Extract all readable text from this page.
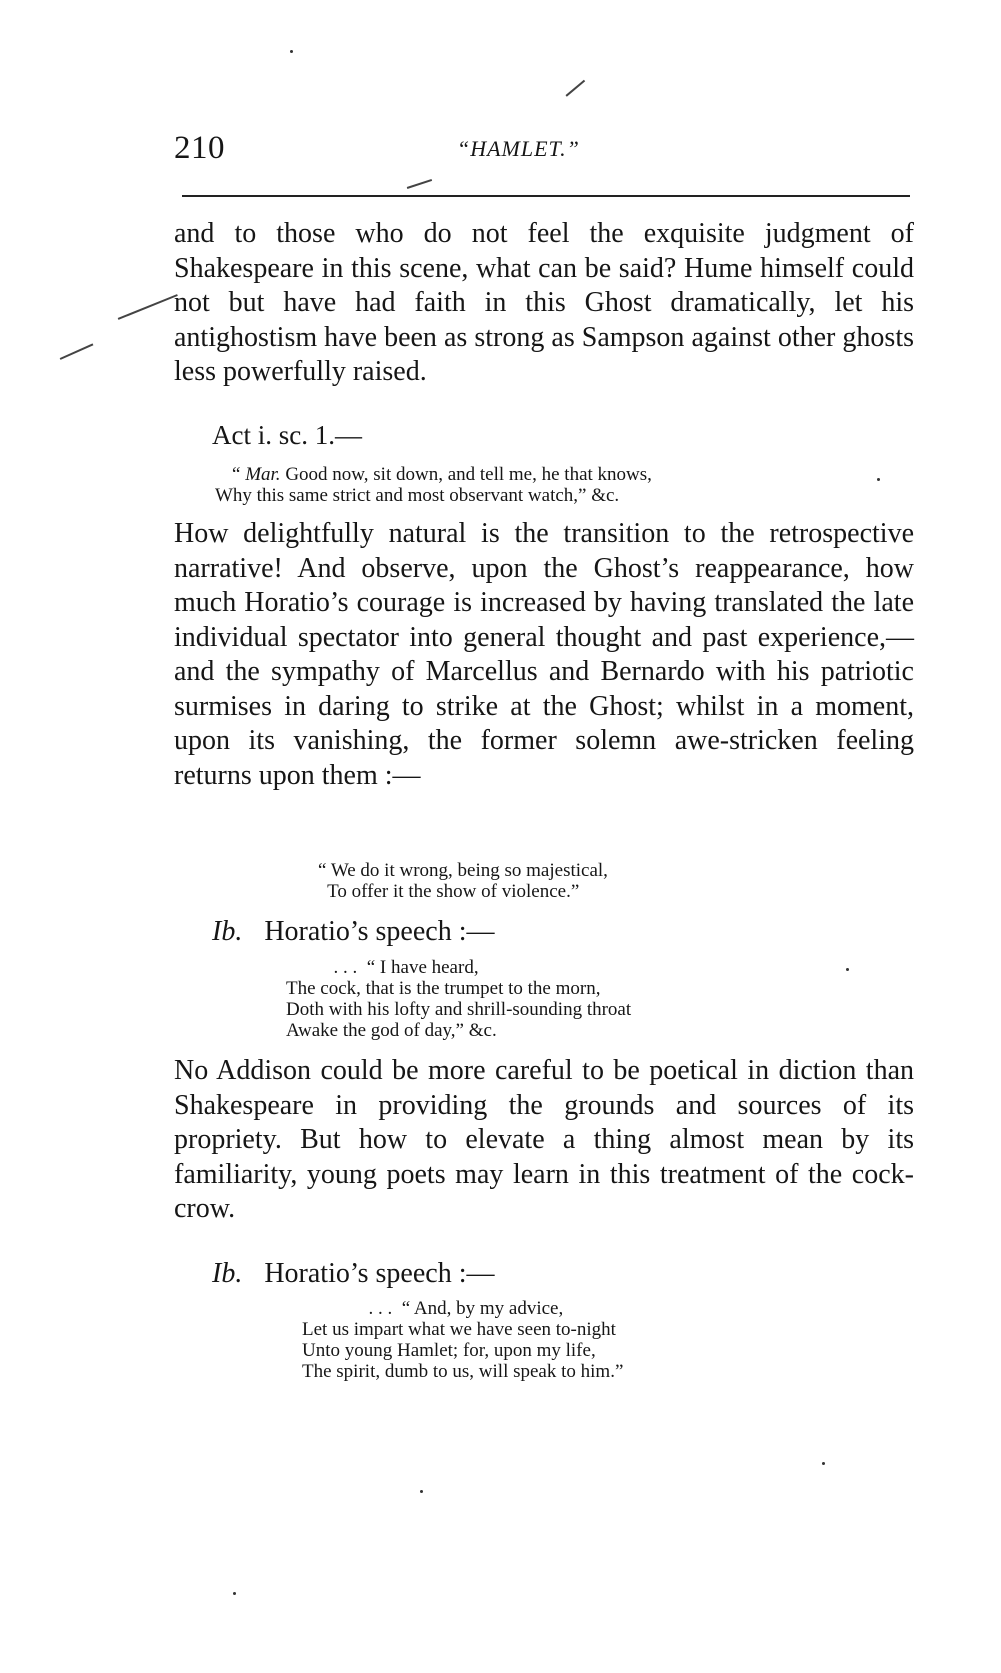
210	“HAMLET.”

and to those who do not feel the exquisite judgment of Shakespeare in this scene, what can be said? Hume himself could not but have had faith in this Ghost dramatically, let his antighostism have been as strong as Sampson against other ghosts less powerfully raised.

Act i. sc. 1.—

“ Mar. Good now, sit down, and tell me, he that knows,
Why this same strict and most observant watch,” &c.

How delightfully natural is the transition to the retrospective narrative! And observe, upon the Ghost’s reappearance, how much Horatio’s courage is increased by having translated the late individual spectator into general thought and past experience,—and the sympathy of Marcellus and Bernardo with his patriotic surmises in daring to strike at the Ghost; whilst in a moment, upon its vanishing, the former solemn awe-stricken feeling returns upon them :—

“ We do it wrong, being so majestical,
To offer it the show of violence.”

Ib. Horatio’s speech :—

. . .  “ I have heard,
The cock, that is the trumpet to the morn,
Doth with his lofty and shrill-sounding throat
Awake the god of day,” &c.

No Addison could be more careful to be poetical in diction than Shakespeare in providing the grounds and sources of its propriety. But how to elevate a thing almost mean by its familiarity, young poets may learn in this treatment of the cock-crow.

Ib. Horatio’s speech :—

. . .  “ And, by my advice,
Let us impart what we have seen to-night
Unto young Hamlet; for, upon my life,
The spirit, dumb to us, will speak to him.”
